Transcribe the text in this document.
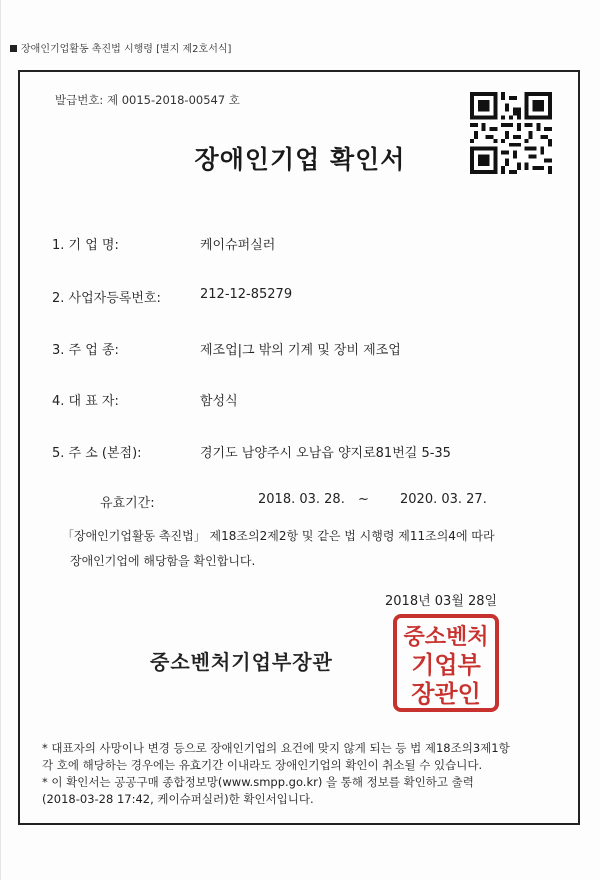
장애인기업활동 촉진법 시행령 [별지 제2호서식]
발급번호: 제 0015-2018-00547 호
장애인기업 확인서
1. 기 업 명:	케이슈퍼실러
2. 사업자등록번호:	212-12-85279
3. 주 업 종:	제조업|그 밖의 기계 및 장비 제조업
4. 대 표 자:	함성식
5. 주 소 (본점):	경기도 남양주시 오남읍 양지로81번길 5-35
유효기간:	2018. 03. 28. ~ 2020. 03. 27.
「장애인기업활동 촉진법」 제18조의2제2항 및 같은 법 시행령 제11조의4에 따라
장애인기업에 해당함을 확인합니다.
2018년 03월 28일
중소벤처기업부장관
중소벤처
기업부
장관인
* 대표자의 사망이나 변경 등으로 장애인기업의 요건에 맞지 않게 되는 등 법 제18조의3제1항
각 호에 해당하는 경우에는 유효기간 이내라도 장애인기업의 확인이 취소될 수 있습니다.
* 이 확인서는 공공구매 종합정보망(www.smpp.go.kr) 을 통해 정보를 확인하고 출력
(2018-03-28 17:42, 케이슈퍼실러)한 확인서입니다.
